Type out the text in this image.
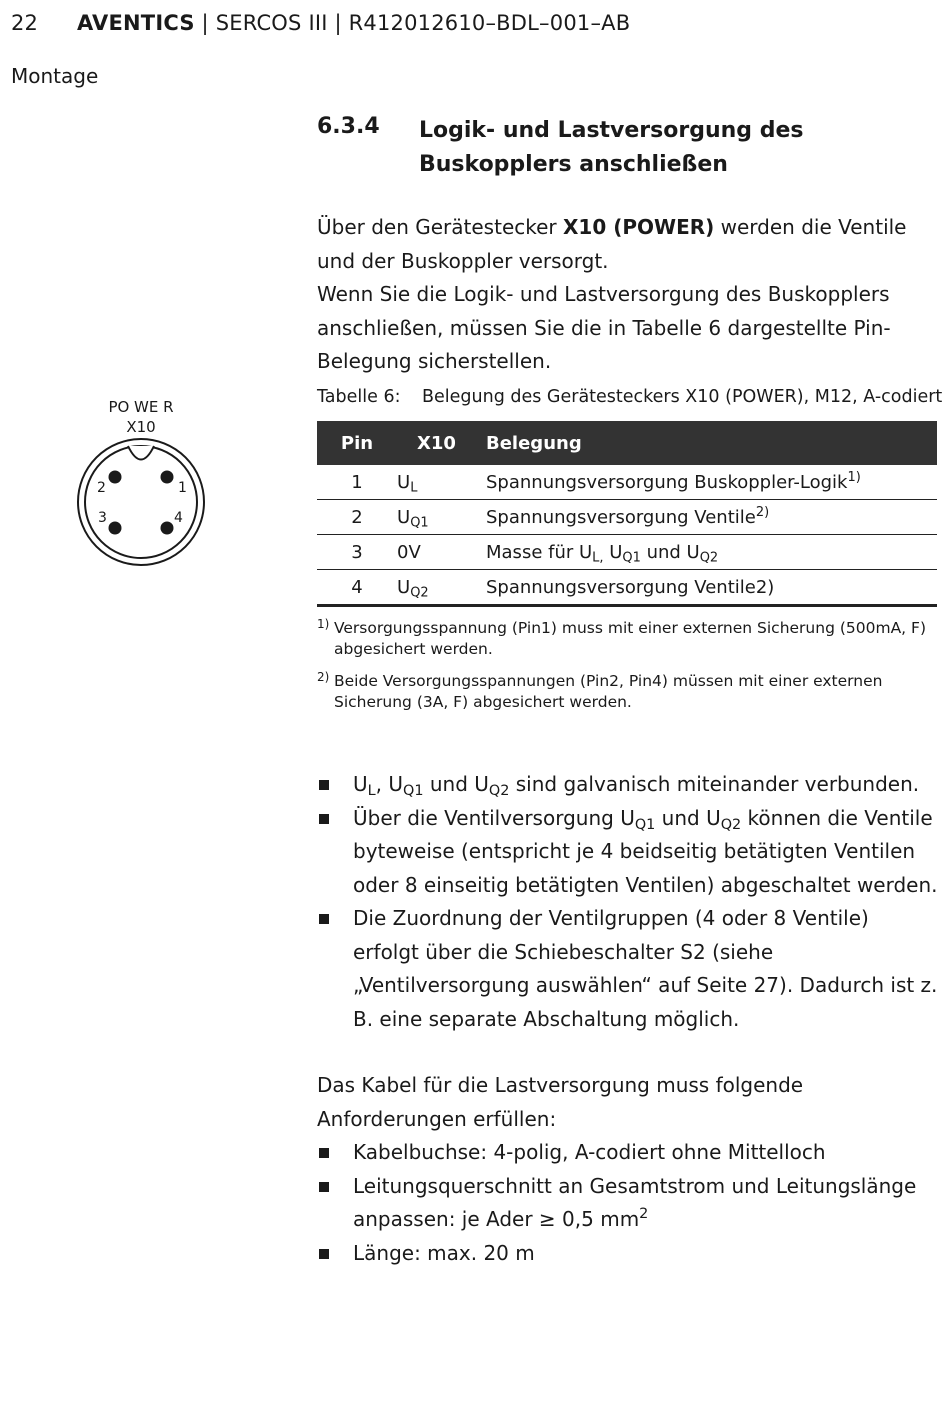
22 AVENTICS | SERCOS III | R412012610–BDL–001–AB
Montage
6.3.4 Logik- und Lastversorgung des Buskopplers anschließen

Über den Gerätestecker X10 (POWER) werden die Ventile und der Buskoppler versorgt.

Wenn Sie die Logik- und Lastversorgung des Buskopplers anschließen, müssen Sie die in Tabelle 6 dargestellte Pin-Belegung sicherstellen.

PO WE R
X10
1
2
3	4
Tabelle 6: Belegung des Gerätesteckers X10 (POWER), M12, A-codiert
Pin	X10	Belegung
1	$U_L$	Spannungsversorgung Buskoppler-Logik$^{1)}$
2	$U_{Q1}$	Spannungsversorgung Ventile$^{2)}$
3	0V	Masse für $U_{L,}$ $U_{Q1}$ und $U_{Q2}$
4	$U_{Q2}$	Spannungsversorgung Ventile2)
1) Versorgungsspannung (Pin1) muss mit einer externen Sicherung (500mA, F) abgesichert werden.
2) Beide Versorgungsspannungen (Pin2, Pin4) müssen mit einer externen Sicherung (3A, F) abgesichert werden.
$U_L$, $U_{Q1}$ und $U_{Q2}$ sind galvanisch miteinander verbunden.
Über die Ventilversorgung $U_{Q1}$ und $U_{Q2}$ können die Ventile byteweise (entspricht je 4 beidseitig betätigten Ventilen oder 8 einseitig betätigten Ventilen) abgeschaltet werden.
Die Zuordnung der Ventilgruppen (4 oder 8 Ventile) erfolgt über die Schiebeschalter S2 (siehe „Ventilversorgung auswählen“ auf Seite 27). Dadurch ist z. B. eine separate Abschaltung möglich.
Das Kabel für die Lastversorgung muss folgende Anforderungen erfüllen:
Kabelbuchse: 4-polig, A-codiert ohne Mittelloch
Leitungsquerschnitt an Gesamtstrom und Leitungslänge anpassen: je Ader ≥ 0,5 $mm^2$
Länge: max. 20 m
